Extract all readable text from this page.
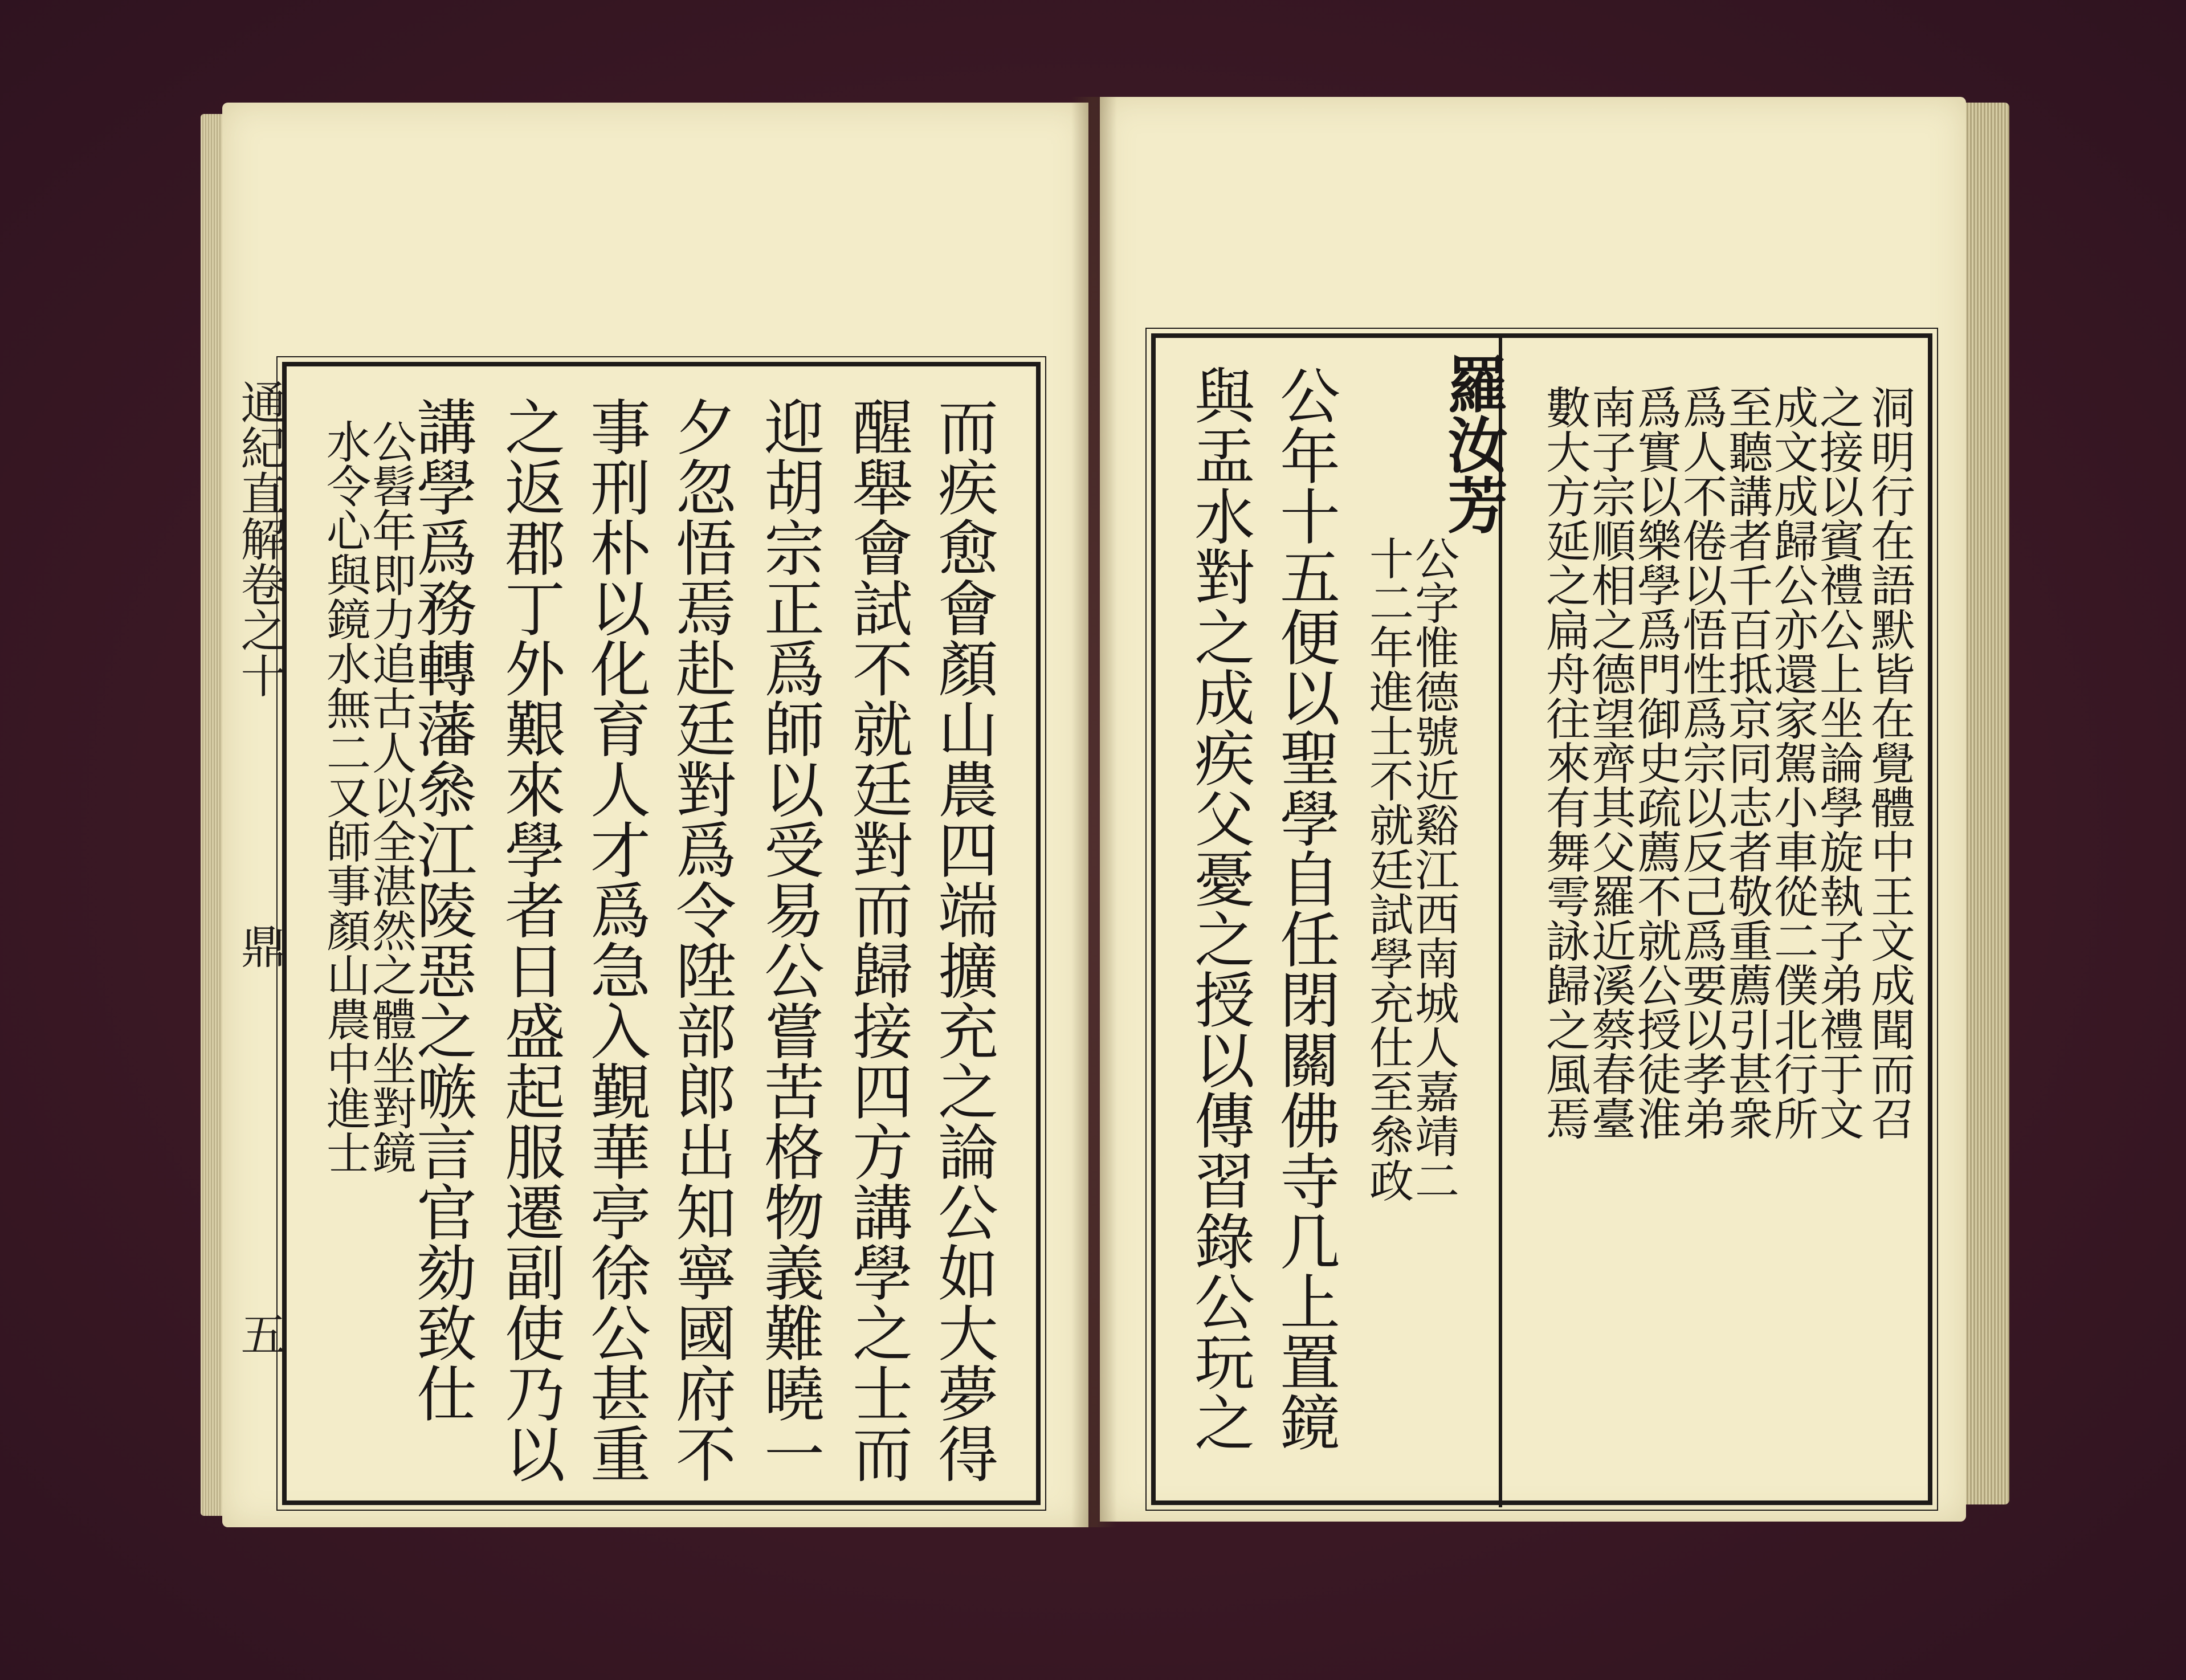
通紀直解卷之十
鼎
五
水令心與鏡水無二又師事顏山農中進士
公髫年即力追古人以全湛然之體坐對鏡
講學爲務轉藩叅江陵惡之嗾言官劾致仕 之返郡丁外艱來學者日盛起服遷副使乃以 事刑朴以化育人才爲急入覲華亭徐公甚重 夕忽悟焉赴廷對爲令陞部郎出知寧國府不 迎胡宗正爲師以受易公嘗苦格物義難曉一 醒舉會試不就廷對而歸接四方講學之士而 而疾愈會顏山農四端擴充之論公如大夢得	與盂水對之成疾父憂之授以傳習錄公玩之 公年十五便以聖學自任閉關佛寺几上置鏡 十二年進士不就廷試學充仕至叅政
公字惟德號近谿江西南城人嘉靖二
羅汝芳 數大方延之扁舟往來有舞雩詠歸之風焉
南子宗順相之德望齊其父羅近溪蔡春臺
爲實以樂學爲門御史疏薦不就公授徒淮
爲人不倦以悟性爲宗以反己爲要以孝弟
至聽講者千百抵京同志者敬重薦引甚衆
成文成歸公亦還家駕小車從二僕北行所
之接以賓禮公上坐論學旋執子弟禮于文 洞明行在語默皆在覺體中王文成聞而召
